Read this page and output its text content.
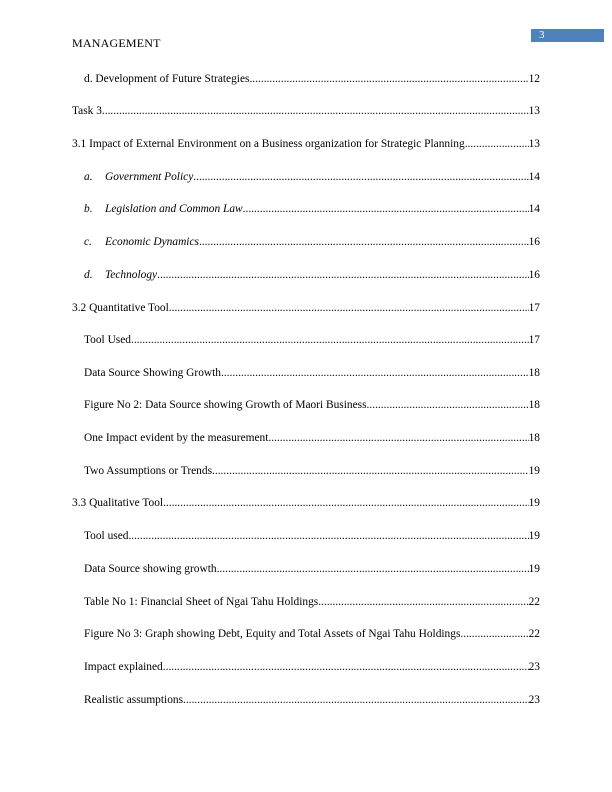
MANAGEMENT
3
d. Development of Future Strategies .....	12
Task 3 .....	13
3.1 Impact of External Environment on a Business organization for Strategic Planning .....	13
a.	Government Policy .....	14
b.	Legislation and Common Law .....	14
c.	Economic Dynamics .....	16
d.	Technology .....	16
3.2 Quantitative Tool .....	17
Tool Used .....	17
Data Source Showing Growth .....	18
Figure No 2: Data Source showing Growth of Maori Business .....	18
One Impact evident by the measurement .....	18
Two Assumptions or Trends .....	19
3.3 Qualitative Tool .....	19
Tool used .....	19
Data Source showing growth .....	19
Table No 1: Financial Sheet of Ngai Tahu Holdings .....	22
Figure No 3: Graph showing Debt, Equity and Total Assets of Ngai Tahu Holdings .....	22
Impact explained .....	23
Realistic assumptions .....	23
